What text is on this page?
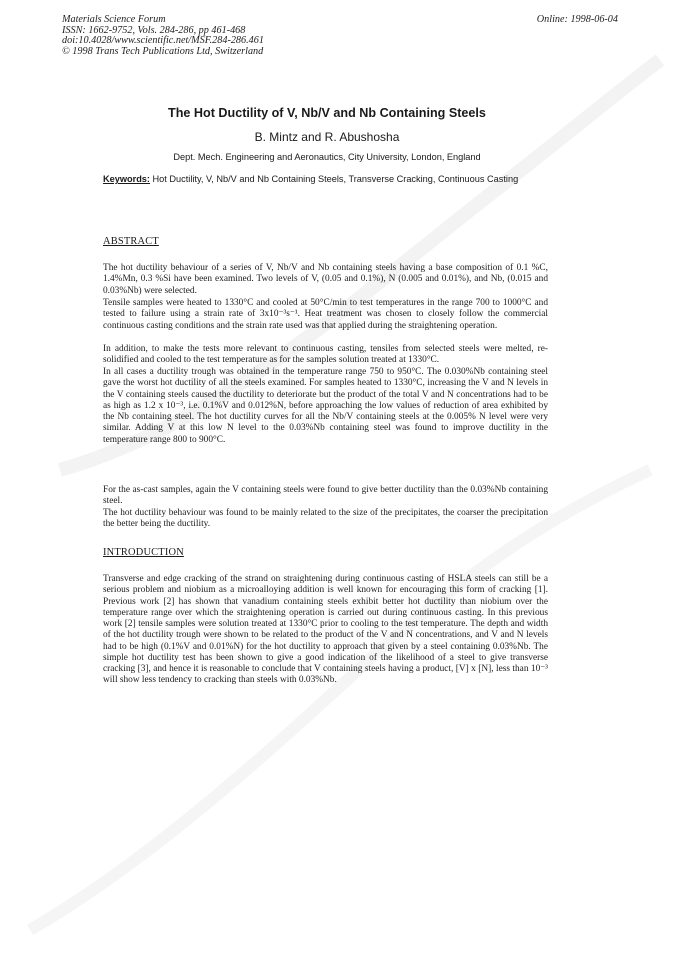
Materials Science Forum
ISSN: 1662-9752, Vols. 284-286, pp 461-468
doi:10.4028/www.scientific.net/MSF.284-286.461
© 1998 Trans Tech Publications Ltd, Switzerland
Online: 1998-06-04
The Hot Ductility of V, Nb/V and Nb Containing Steels
B. Mintz and R. Abushosha
Dept. Mech. Engineering and Aeronautics, City University, London, England
Keywords: Hot Ductility, V, Nb/V and Nb Containing Steels, Transverse Cracking, Continuous Casting
ABSTRACT

The hot ductility behaviour of a series of V, Nb/V and Nb containing steels having a base composition of 0.1 %C, 1.4%Mn, 0.3 %Si have been examined. Two levels of V, (0.05 and 0.1%), N (0.005 and 0.01%), and Nb, (0.015 and 0.03%Nb) were selected.

Tensile samples were heated to 1330°C and cooled at 50°C/min to test temperatures in the range 700 to 1000°C and tested to failure using a strain rate of 3x10⁻³s⁻¹. Heat treatment was chosen to closely follow the commercial continuous casting conditions and the strain rate used was that applied during the straightening operation.

In addition, to make the tests more relevant to continuous casting, tensiles from selected steels were melted, re-solidified and cooled to the test temperature as for the samples solution treated at 1330°C.

In all cases a ductility trough was obtained in the temperature range 750 to 950°C. The 0.030%Nb containing steel gave the worst hot ductility of all the steels examined. For samples heated to 1330°C, increasing the V and N levels in the V containing steels caused the ductility to deteriorate but the product of the total V and N concentrations had to be as high as 1.2 x 10⁻³, i.e. 0.1%V and 0.012%N, before approaching the low values of reduction of area exhibited by the Nb containing steel. The hot ductility curves for all the Nb/V containing steels at the 0.005% N level were very similar. Adding V at this low N level to the 0.03%Nb containing steel was found to improve ductility in the temperature range 800 to 900°C.

For the as-cast samples, again the V containing steels were found to give better ductility than the 0.03%Nb containing steel.

The hot ductility behaviour was found to be mainly related to the size of the precipitates, the coarser the precipitation the better being the ductility.

INTRODUCTION

Transverse and edge cracking of the strand on straightening during continuous casting of HSLA steels can still be a serious problem and niobium as a microalloying addition is well known for encouraging this form of cracking [1]. Previous work [2] has shown that vanadium containing steels exhibit better hot ductility than niobium over the temperature range over which the straightening operation is carried out during continuous casting. In this previous work [2] tensile samples were solution treated at 1330°C prior to cooling to the test temperature. The depth and width of the hot ductility trough were shown to be related to the product of the V and N concentrations, and V and N levels had to be high (0.1%V and 0.01%N) for the hot ductility to approach that given by a steel containing 0.03%Nb. The simple hot ductility test has been shown to give a good indication of the likelihood of a steel to give transverse cracking [3], and hence it is reasonable to conclude that V containing steels having a product, [V] x [N], less than 10⁻³ will show less tendency to cracking than steels with 0.03%Nb.
